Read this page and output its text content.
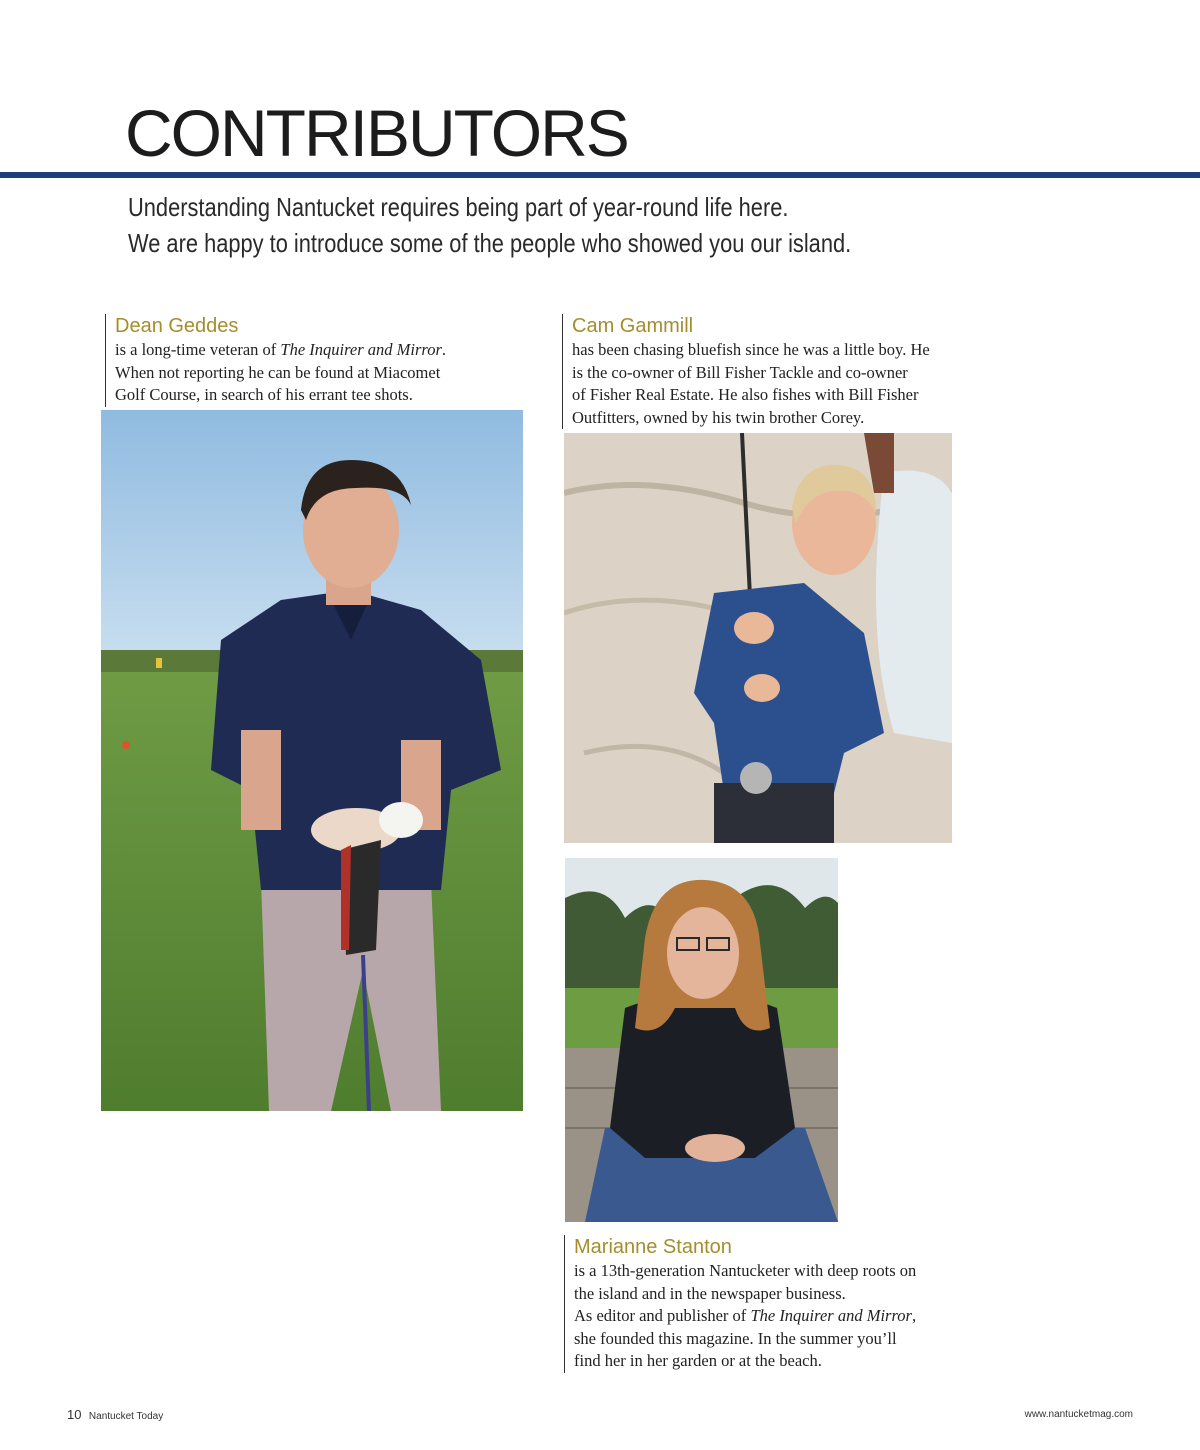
CONTRIBUTORS
Understanding Nantucket requires being part of year-round life here.
We are happy to introduce some of the people who showed you our island.
Dean Geddes
is a long-time veteran of The Inquirer and Mirror.
When not reporting he can be found at Miacomet
Golf Course, in search of his errant tee shots.
Cam Gammill
has been chasing bluefish since he was a little boy. He
is the co-owner of Bill Fisher Tackle and co-owner
of Fisher Real Estate. He also fishes with Bill Fisher
Outfitters, owned by his twin brother Corey.
Marianne Stanton
is a 13th-generation Nantucketer with deep roots on
the island and in the newspaper business.
As editor and publisher of The Inquirer and Mirror,
she founded this magazine. In the summer you’ll
find her in her garden or at the beach.
10 Nantucket Today	www.nantucketmag.com
